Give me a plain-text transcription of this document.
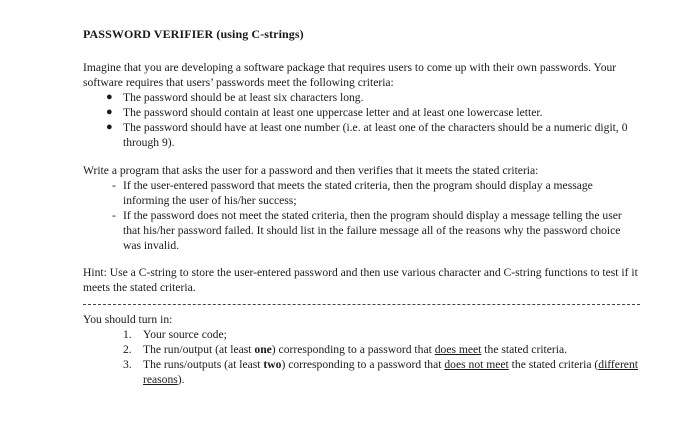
PASSWORD VERIFIER (using C-strings)

Imagine that you are developing a software package that requires users to come up with their own passwords. Your software requires that users’ passwords meet the following criteria:

● The password should be at least six characters long.
● The password should contain at least one uppercase letter and at least one lowercase letter.
● The password should have at least one number (i.e. at least one of the characters should be a numeric digit, 0 through 9).

Write a program that asks the user for a password and then verifies that it meets the stated criteria:

- If the user-entered password that meets the stated criteria, then the program should display a message informing the user of his/her success;
- If the password does not meet the stated criteria, then the program should display a message telling the user that his/her password failed. It should list in the failure message all of the reasons why the password choice was invalid.

Hint: Use a C-string to store the user-entered password and then use various character and C-string functions to test if it meets the stated criteria.

You should turn in:

1. Your source code;
2. The run/output (at least one) corresponding to a password that does meet the stated criteria.
3. The runs/outputs (at least two) corresponding to a password that does not meet the stated criteria (different reasons).
